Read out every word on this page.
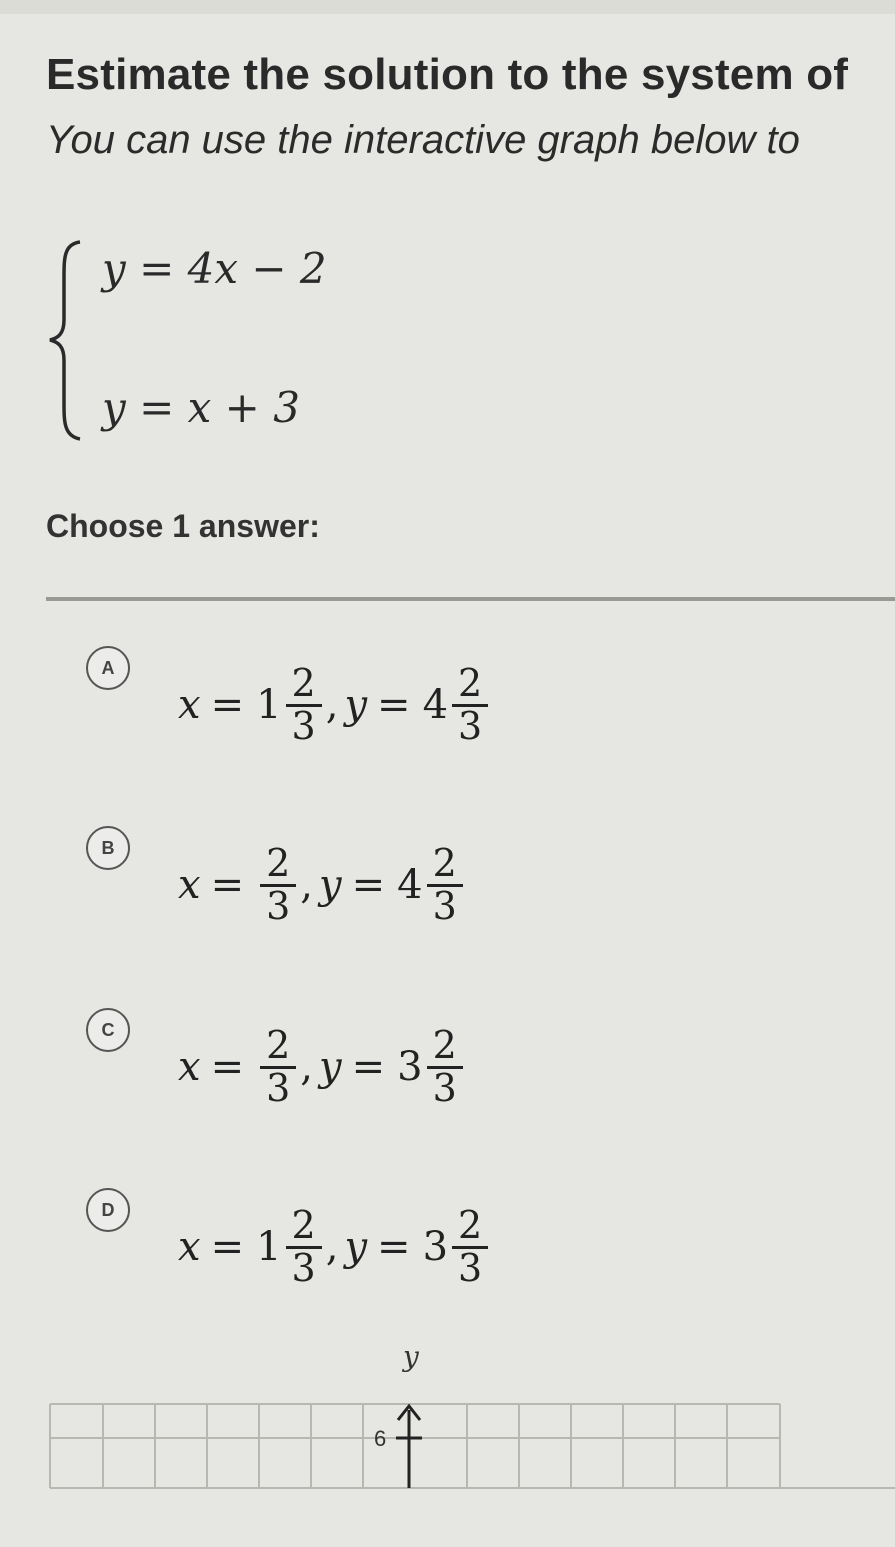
Estimate the solution to the system of
You can use the interactive graph below to
y = 4x − 2
y = x + 3
Choose 1 answer:
A
$x = 1 \frac{2}{3}$ , $y = 4 \frac{2}{3}$
B
$x = \frac{2}{3}$ , $y = 4 \frac{2}{3}$
C
$x = \frac{2}{3}$ , $y = 3 \frac{2}{3}$
D
$x = 1 \frac{2}{3}$ , $y = 3 \frac{2}{3}$
y
6
